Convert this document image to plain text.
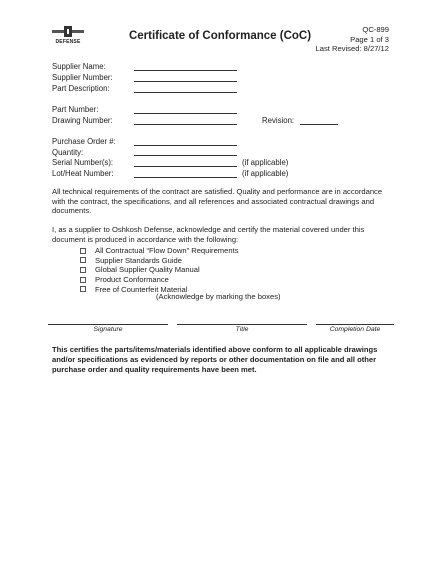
DEFENSE	Certificate of Conformance (CoC)
QC-899
Page 1 of 3
Last Revised: 8/27/12
Supplier Name:
Supplier Number:
Part Description:
Part Number:
Drawing Number:	Revision:
Purchase Order #:
Quantity:
Serial Number(s):	(if applicable)
Lot/Heat Number:	(if applicable)
All technical requirements of the contract are satisfied. Quality and performance are in accordance with the contract, the specifications, and all references and associated contractual drawings and documents.
I, as a supplier to Oshkosh Defense, acknowledge and certify the material covered under this document is produced in accordance with the following:
All Contractual “Flow Down” Requirements
Supplier Standards Guide
Global Supplier Quality Manual
Product Conformance
Free of Counterfeit Material
(Acknowledge by marking the boxes)
Signature	Title	Completion Date
This certifies the parts/items/materials identified above conform to all applicable drawings and/or specifications as evidenced by reports or other documentation on file and all other purchase order and quality requirements have been met.
